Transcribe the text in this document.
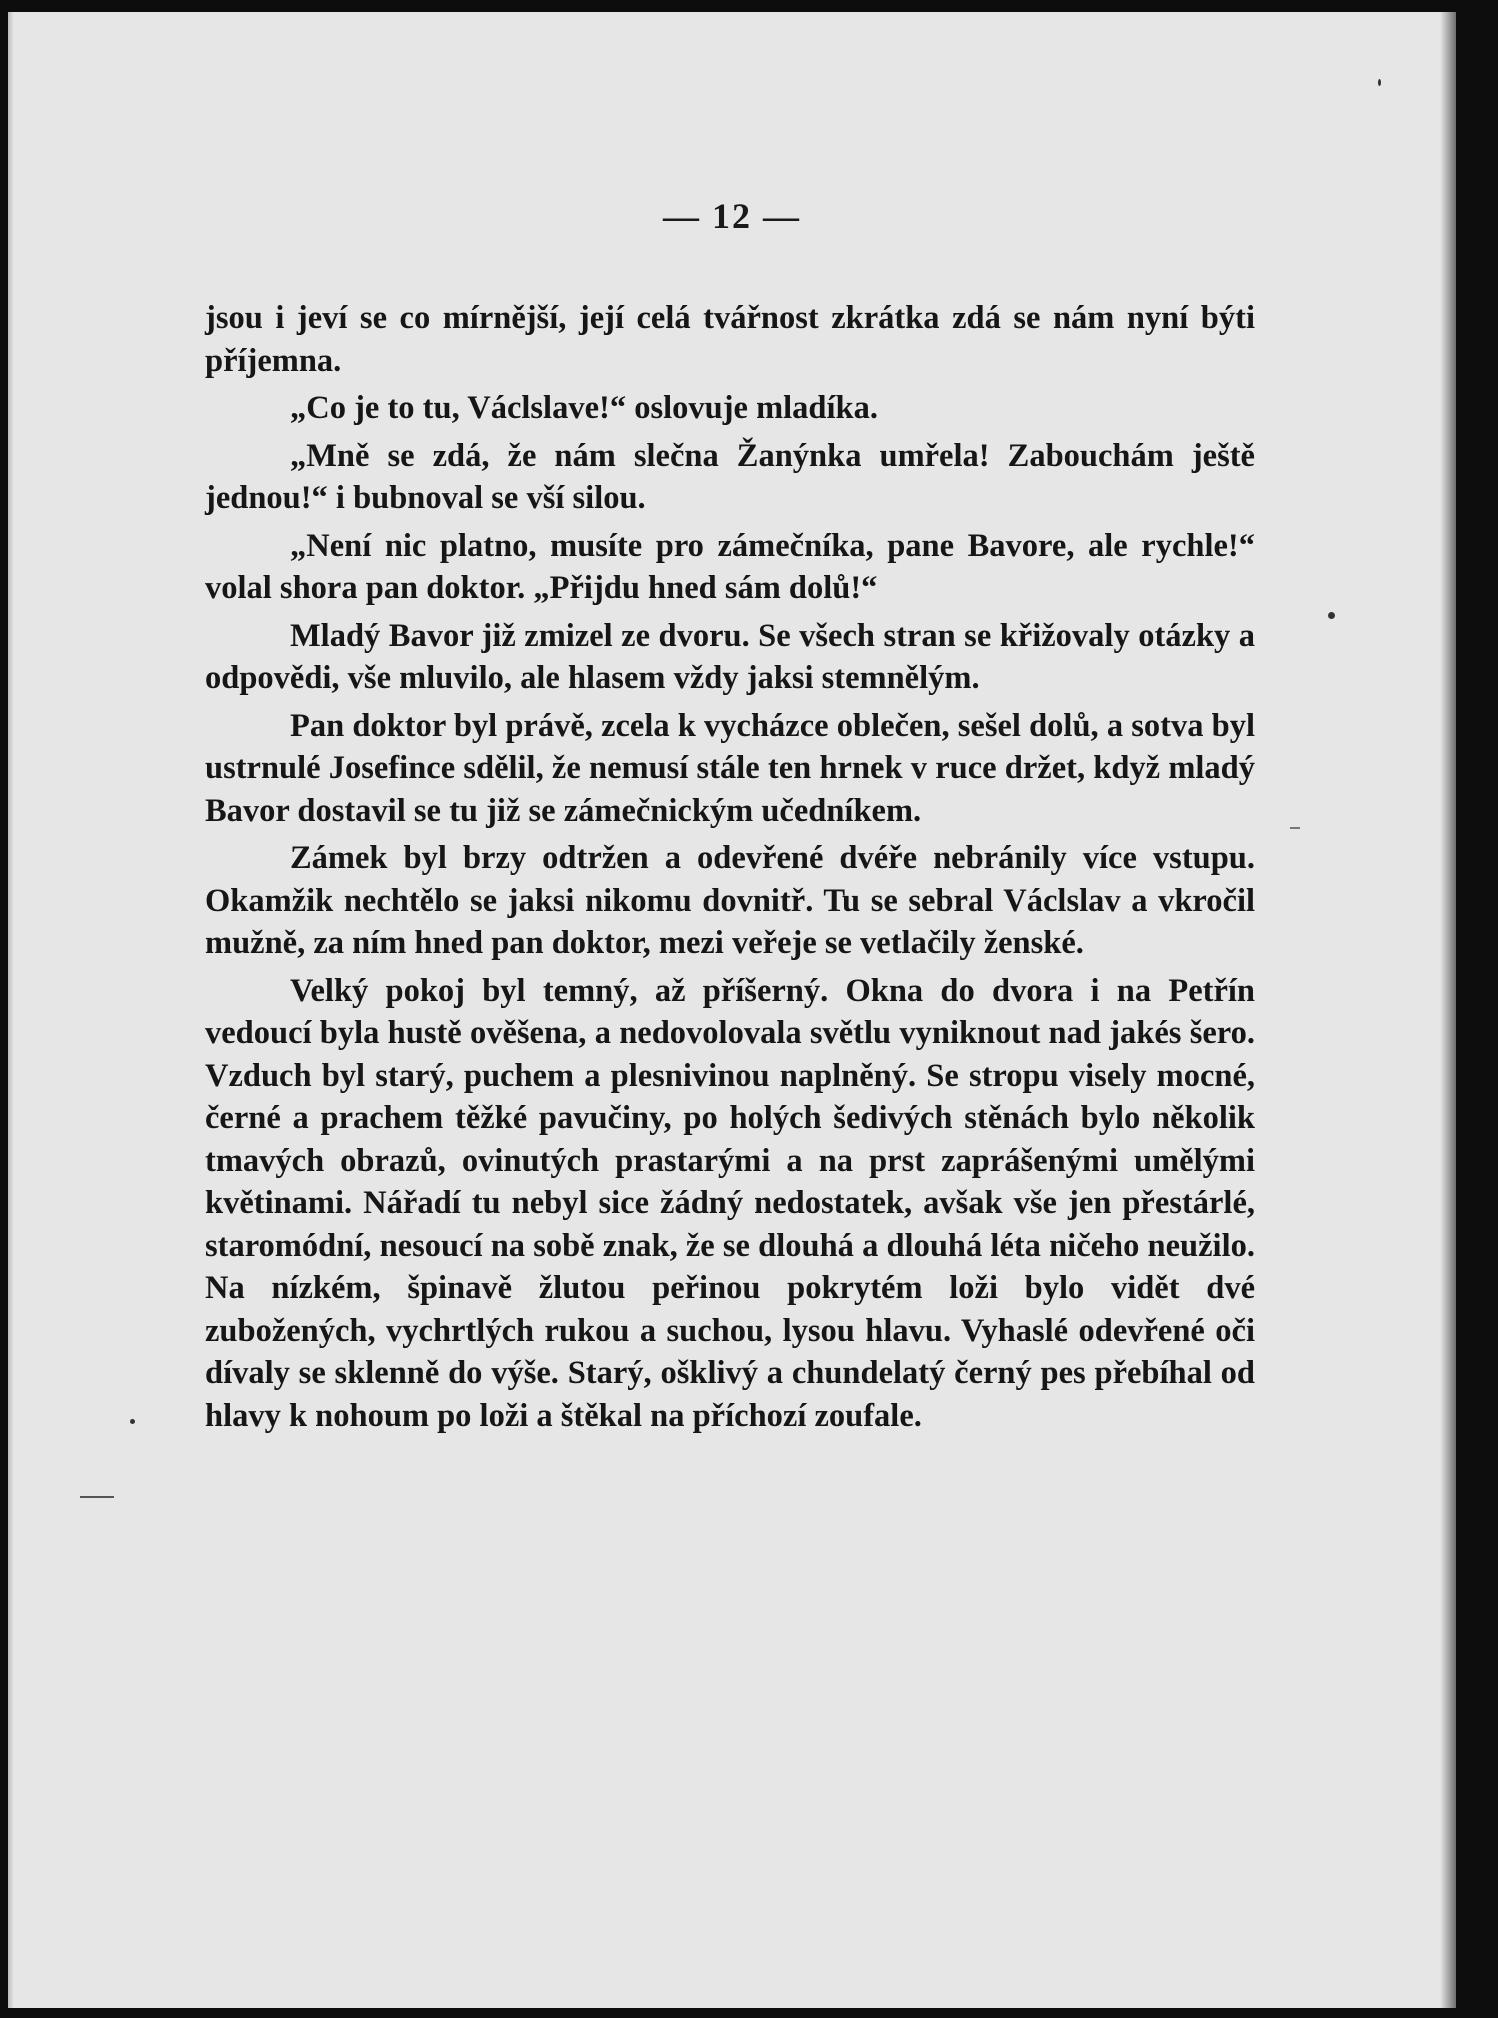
— 12 —

jsou i jeví se co mírnější, její celá tvářnost zkrátka zdá se nám nyní býti příjemna.

„Co je to tu, Václslave!“ oslovuje mladíka.

„Mně se zdá, že nám slečna Žanýnka umřela! Zabouchám ještě jednou!“ i bubnoval se vší silou.

„Není nic platno, musíte pro zámečníka, pane Bavore, ale rychle!“ volal shora pan doktor. „Přijdu hned sám dolů!“

Mladý Bavor již zmizel ze dvoru. Se všech stran se křižovaly otázky a odpovědi, vše mluvilo, ale hlasem vždy jaksi stemnělým.

Pan doktor byl právě, zcela k vycházce oblečen, sešel dolů, a sotva byl ustrnulé Josefince sdělil, že nemusí stále ten hrnek v ruce držet, když mladý Bavor dostavil se tu již se zámečnickým učedníkem.

Zámek byl brzy odtržen a odevřené dvéře nebránily více vstupu. Okamžik nechtělo se jaksi nikomu dovnitř. Tu se sebral Václslav a vkročil mužně, za ním hned pan doktor, mezi veřeje se vetlačily ženské.

Velký pokoj byl temný, až příšerný. Okna do dvora i na Petřín vedoucí byla hustě ověšena, a nedovolovala světlu vyniknout nad jakés šero. Vzduch byl starý, puchem a plesnivinou naplněný. Se stropu visely mocné, černé a prachem těžké pavučiny, po holých šedivých stěnách bylo několik tmavých obrazů, ovinutých prastarými a na prst zaprášenými umělými květinami. Nářadí tu nebyl sice žádný nedostatek, avšak vše jen přestárlé, staromódní, nesoucí na sobě znak, že se dlouhá a dlouhá léta ničeho neužilo. Na nízkém, špinavě žlutou peřinou pokrytém loži bylo vidět dvé zubožených, vychrtlých rukou a suchou, lysou hlavu. Vyhaslé odevřené oči dívaly se sklenně do výše. Starý, ošklivý a chundelatý černý pes přebíhal od hlavy k nohoum po loži a štěkal na příchozí zoufale.
